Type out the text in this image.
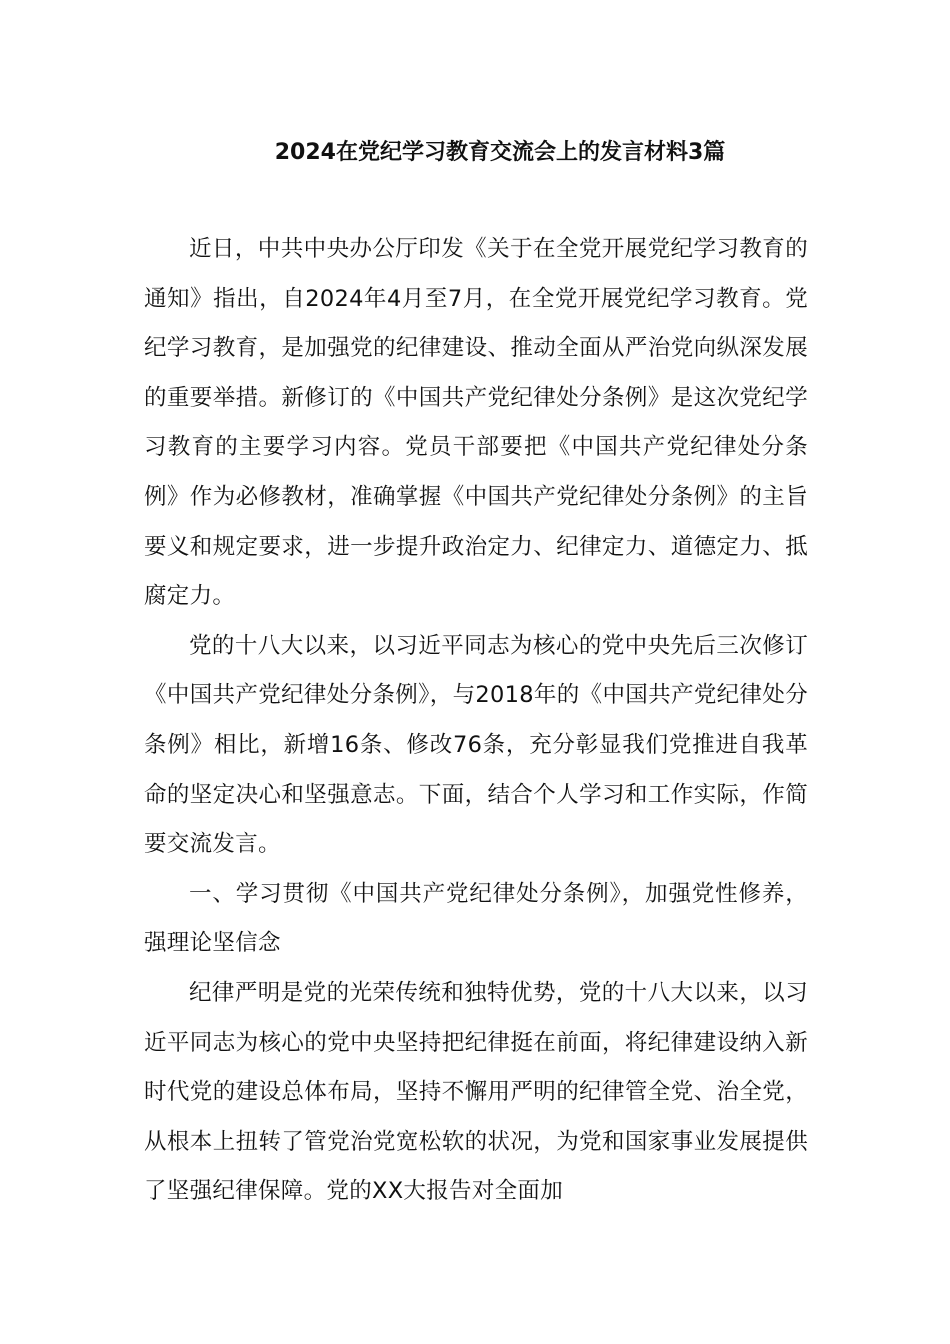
2024在党纪学习教育交流会上的发言材料3篇

近日，中共中央办公厅印发《关于在全党开展党纪学习教育的通知》指出，自2024年4月至7月，在全党开展党纪学习教育。党纪学习教育，是加强党的纪律建设、推动全面从严治党向纵深发展的重要举措。新修订的《中国共产党纪律处分条例》是这次党纪学习教育的主要学习内容。党员干部要把《中国共产党纪律处分条例》作为必修教材，准确掌握《中国共产党纪律处分条例》的主旨要义和规定要求，进一步提升政治定力、纪律定力、道德定力、抵腐定力。

党的十八大以来，以习近平同志为核心的党中央先后三次修订《中国共产党纪律处分条例》，与2018年的《中国共产党纪律处分条例》相比，新增16条、修改76条，充分彰显我们党推进自我革命的坚定决心和坚强意志。下面，结合个人学习和工作实际，作简要交流发言。

一、学习贯彻《中国共产党纪律处分条例》，加强党性修养，强理论坚信念

纪律严明是党的光荣传统和独特优势，党的十八大以来，以习近平同志为核心的党中央坚持把纪律挺在前面，将纪律建设纳入新时代党的建设总体布局，坚持不懈用严明的纪律管全党、治全党，从根本上扭转了管党治党宽松软的状况，为党和国家事业发展提供了坚强纪律保障。党的XX大报告对全面加
